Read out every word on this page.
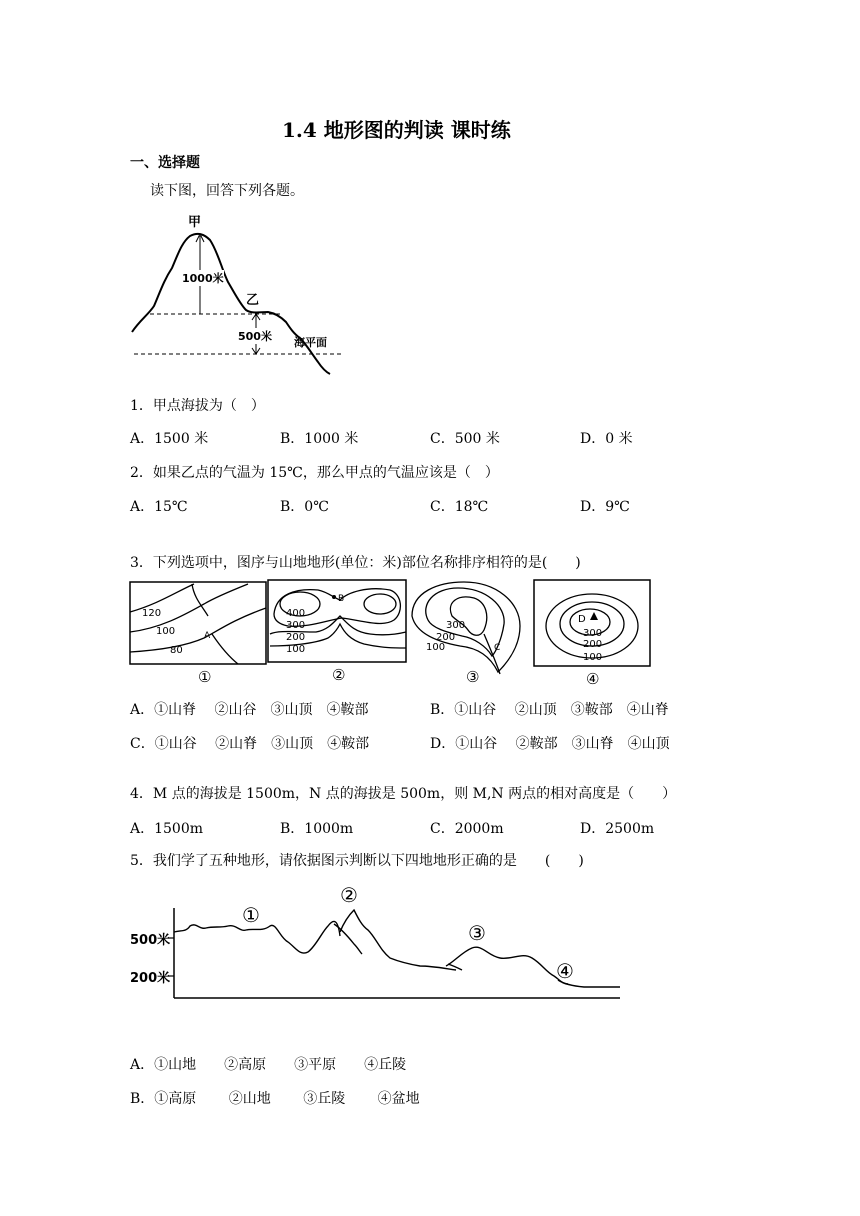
1.4 地形图的判读 课时练
一、选择题
读下图，回答下列各题。
甲
乙
1000米
500米 海平面
1．甲点海拔为（　）
A．1500 米	B．1000 米	C．500 米	D．0 米
2．如果乙点的气温为 15℃，那么甲点的气温应该是（　）
A．15℃	B．0℃	C．18℃	D．9℃
3．下列选项中，图序与山地地形(单位：米)部位名称排序相符的是(　　)
120
100
80
A
①
B
400
300
200
100
②
300
200
100	C
③
D
300
200
100
④
A．①山脊　 ②山谷　③山顶　④鞍部	B．①山谷　 ②山顶　③鞍部　④山脊
C．①山谷　 ②山脊　③山顶　④鞍部	D．①山谷　 ②鞍部　③山脊　④山顶
4．M 点的海拔是 1500m，N 点的海拔是 500m，则 M,N 两点的相对高度是（　　）
A．1500m	B．1000m	C．2000m	D．2500m
5．我们学了五种地形，请依据图示判断以下四地地形正确的是　　(　　)
500米
200米
①
②
③
④
A．①山地　　②高原　　③平原　　④丘陵
B．①高原　　 ②山地　　 ③丘陵　　 ④盆地
